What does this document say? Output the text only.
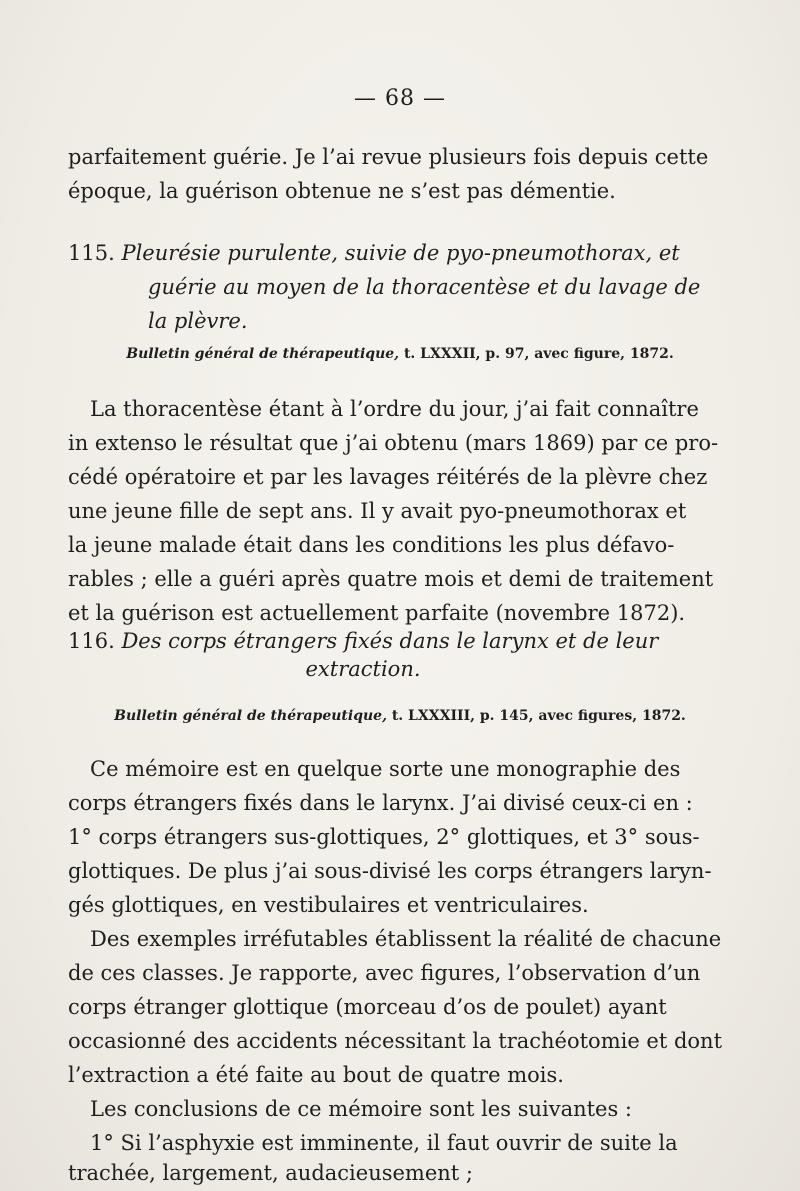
— 68 —
parfaitement guérie. Je l’ai revue plusieurs fois depuis cette
époque, la guérison obtenue ne s’est pas démentie.
115. Pleurésie purulente, suivie de pyo-pneumothorax, et
guérie au moyen de la thoracentèse et du lavage de
la plèvre.
Bulletin général de thérapeutique, t. LXXXII, p. 97, avec figure, 1872.
La thoracentèse étant à l’ordre du jour, j’ai fait connaître
in extenso le résultat que j’ai obtenu (mars 1869) par ce pro-
cédé opératoire et par les lavages réitérés de la plèvre chez
une jeune fille de sept ans. Il y avait pyo-pneumothorax et
la jeune malade était dans les conditions les plus défavo-
rables ; elle a guéri après quatre mois et demi de traitement
et la guérison est actuellement parfaite (novembre 1872).
116. Des corps étrangers fixés dans le larynx et de leur
extraction.
Bulletin général de thérapeutique, t. LXXXIII, p. 145, avec figures, 1872.
Ce mémoire est en quelque sorte une monographie des
corps étrangers fixés dans le larynx. J’ai divisé ceux-ci en :
1° corps étrangers sus-glottiques, 2° glottiques, et 3° sous-
glottiques. De plus j’ai sous-divisé les corps étrangers laryn-
gés glottiques, en vestibulaires et ventriculaires.
Des exemples irréfutables établissent la réalité de chacune
de ces classes. Je rapporte, avec figures, l’observation d’un
corps étranger glottique (morceau d’os de poulet) ayant
occasionné des accidents nécessitant la trachéotomie et dont
l’extraction a été faite au bout de quatre mois.
Les conclusions de ce mémoire sont les suivantes :
1° Si l’asphyxie est imminente, il faut ouvrir de suite la
trachée, largement, audacieusement ;
